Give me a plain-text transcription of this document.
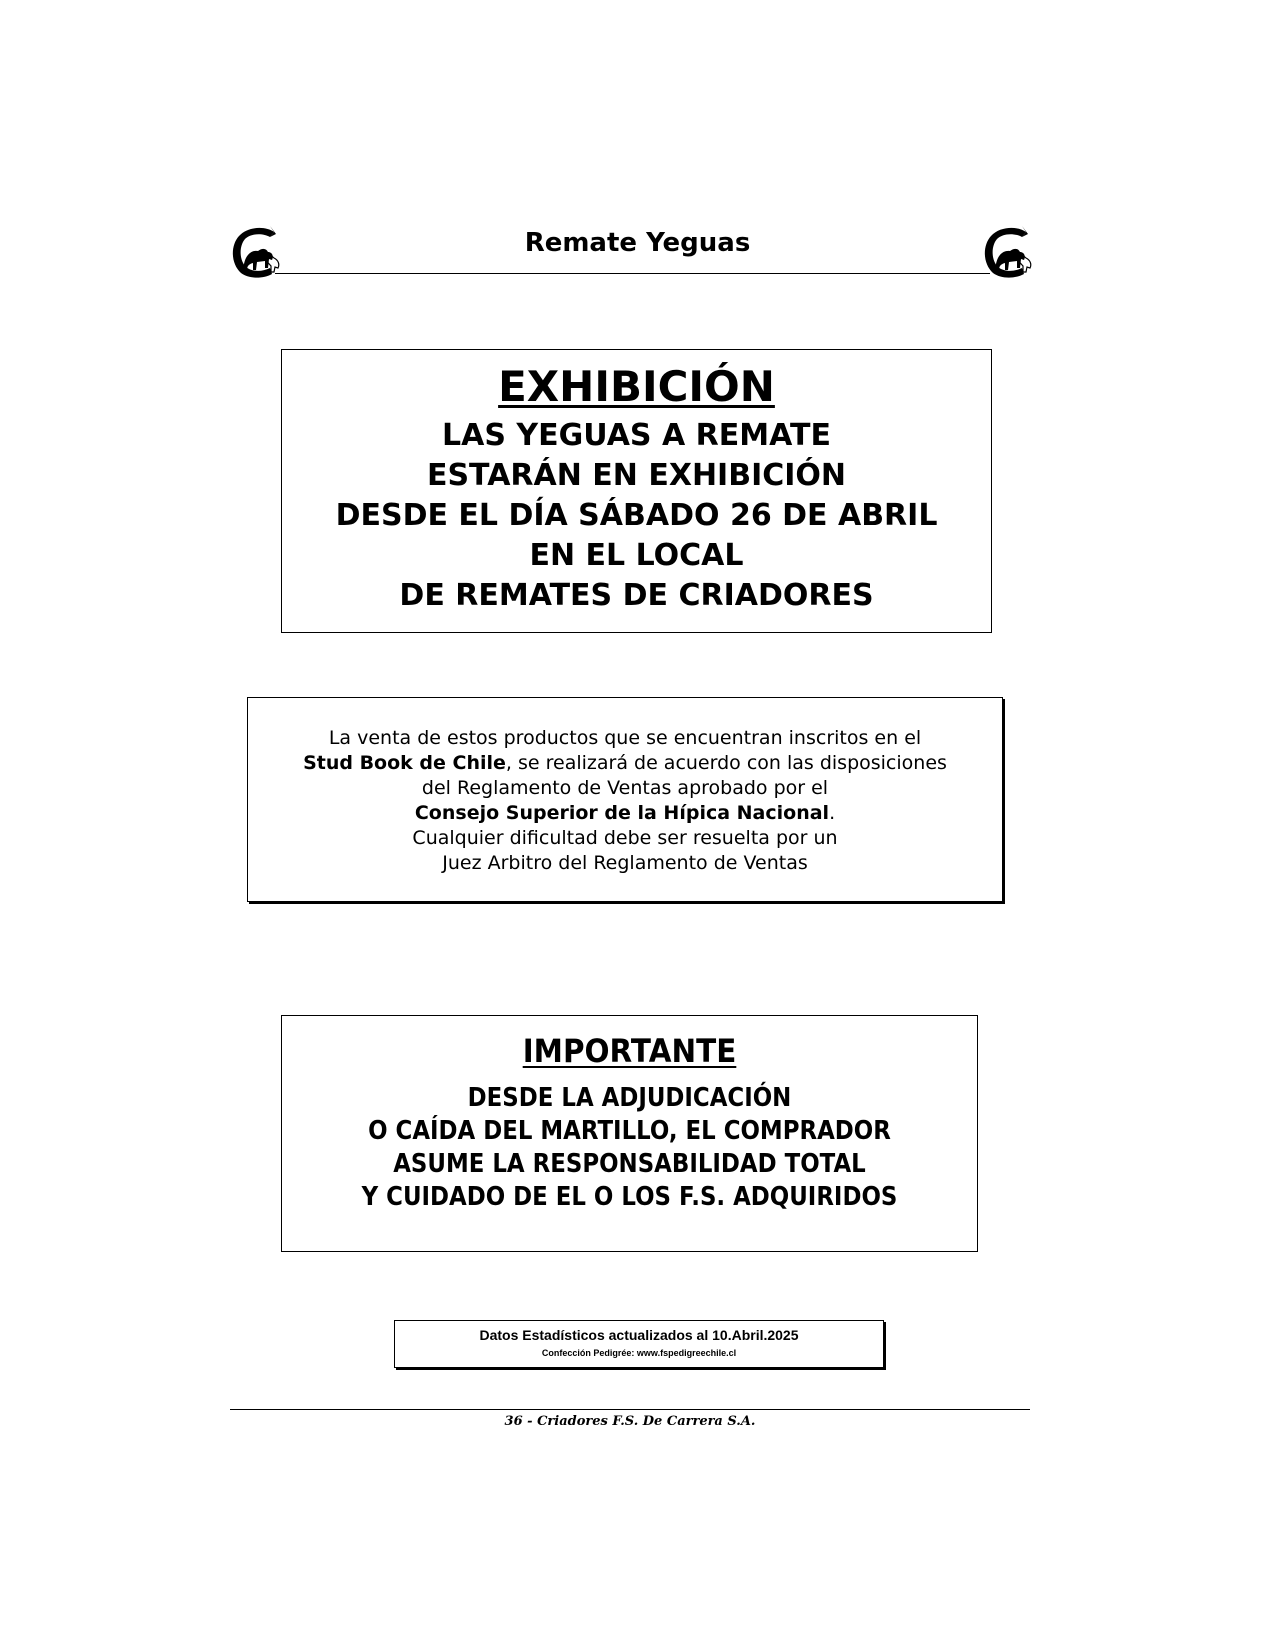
Remate Yeguas
EXHIBICIÓN
LAS YEGUAS A REMATE
ESTARÁN EN EXHIBICIÓN
DESDE EL DÍA SÁBADO 26 DE ABRIL
EN EL LOCAL
DE REMATES DE CRIADORES
La venta de estos productos que se encuentran inscritos en el
Stud Book de Chile, se realizará de acuerdo con las disposiciones
del Reglamento de Ventas aprobado por el
Consejo Superior de la Hípica Nacional.
Cualquier dificultad debe ser resuelta por un
Juez Arbitro del Reglamento de Ventas
IMPORTANTE
DESDE LA ADJUDICACIÓN
O CAÍDA DEL MARTILLO, EL COMPRADOR
ASUME LA RESPONSABILIDAD TOTAL
Y CUIDADO DE EL O LOS F.S. ADQUIRIDOS
Datos Estadísticos actualizados al 10.Abril.2025
Confección Pedigrée: www.fspedigreechile.cl
36 - Criadores F.S. De Carrera S.A.
